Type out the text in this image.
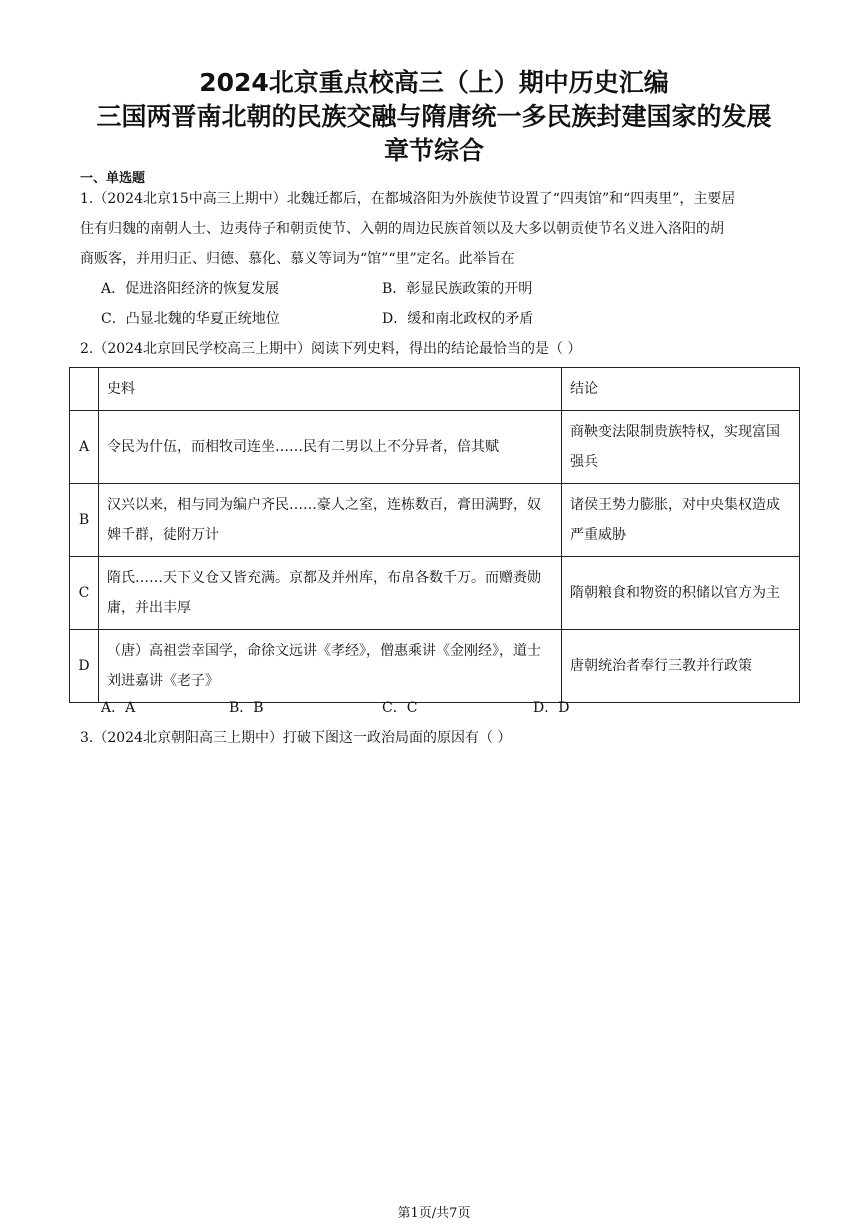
2024北京重点校高三（上）期中历史汇编
三国两晋南北朝的民族交融与隋唐统一多民族封建国家的发展
章节综合
一、单选题
1.（2024北京15中高三上期中）北魏迁都后，在都城洛阳为外族使节设置了“四夷馆”和“四夷里”，主要居
住有归魏的南朝人士、边夷侍子和朝贡使节、入朝的周边民族首领以及大多以朝贡使节名义进入洛阳的胡
商贩客，并用归正、归德、慕化、慕义等词为“馆”“里”定名。此举旨在
A．促进洛阳经济的恢复发展	B．彰显民族政策的开明
C．凸显北魏的华夏正统地位	D．缓和南北政权的矛盾
2.（2024北京回民学校高三上期中）阅读下列史料，得出的结论最恰当的是（ ）
	史料	结论
A	令民为什伍，而相牧司连坐……民有二男以上不分异者，倍其赋	商鞅变法限制贵族特权，实现富国强兵
B	汉兴以来，相与同为编户齐民……豪人之室，连栋数百，膏田满野，奴婢千群，徒附万计	诸侯王势力膨胀，对中央集权造成严重威胁
C	隋氏……天下义仓又皆充满。京都及并州库，布帛各数千万。而赠赉勋庸，并出丰厚	隋朝粮食和物资的积储以官方为主
D	（唐）高祖尝幸国学，命徐文远讲《孝经》，僧惠乘讲《金刚经》，道士刘进嘉讲《老子》	唐朝统治者奉行三教并行政策
A．A	B．B	C．C	D．D
3.（2024北京朝阳高三上期中）打破下图这一政治局面的原因有（ ）
第1页/共7页
